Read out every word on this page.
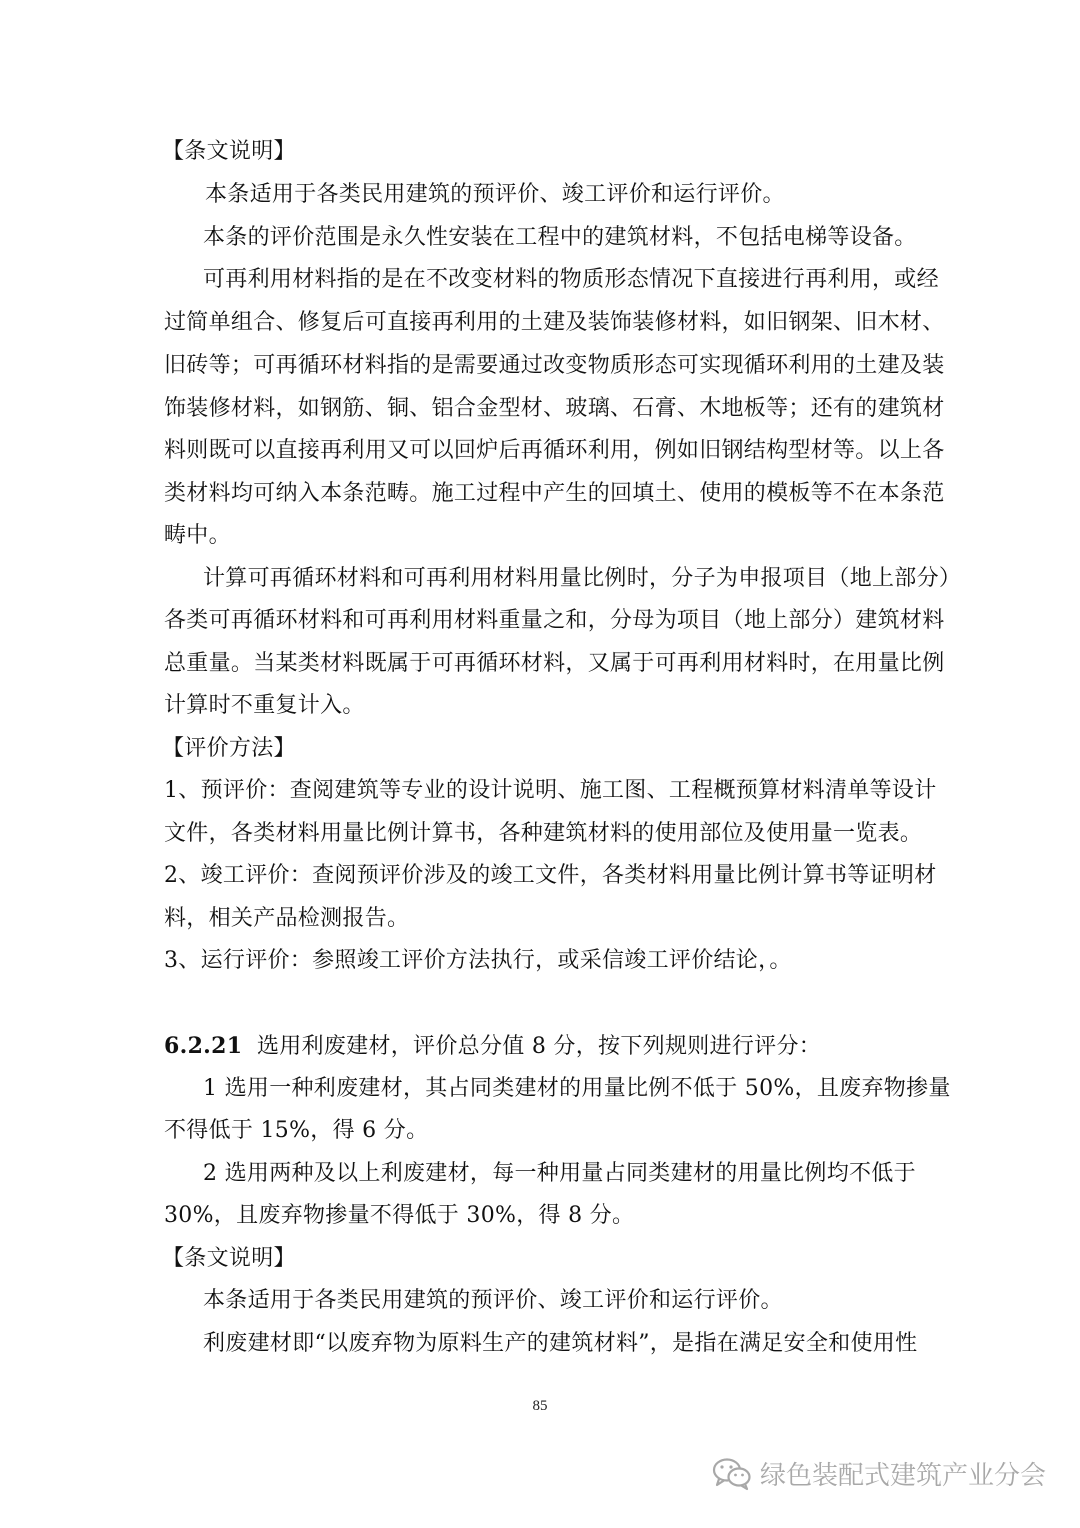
【条文说明】
本条适用于各类民用建筑的预评价、竣工评价和运行评价。
本条的评价范围是永久性安装在工程中的建筑材料，不包括电梯等设备。
可再利用材料指的是在不改变材料的物质形态情况下直接进行再利用，或经
过简单组合、修复后可直接再利用的土建及装饰装修材料，如旧钢架、旧木材、
旧砖等；可再循环材料指的是需要通过改变物质形态可实现循环利用的土建及装
饰装修材料，如钢筋、铜、铝合金型材、玻璃、石膏、木地板等；还有的建筑材
料则既可以直接再利用又可以回炉后再循环利用，例如旧钢结构型材等。以上各
类材料均可纳入本条范畴。施工过程中产生的回填土、使用的模板等不在本条范
畴中。
计算可再循环材料和可再利用材料用量比例时，分子为申报项目（地上部分）
各类可再循环材料和可再利用材料重量之和，分母为项目（地上部分）建筑材料
总重量。当某类材料既属于可再循环材料，又属于可再利用材料时，在用量比例
计算时不重复计入。
【评价方法】
1、预评价：查阅建筑等专业的设计说明、施工图、工程概预算材料清单等设计
文件，各类材料用量比例计算书，各种建筑材料的使用部位及使用量一览表。
2、竣工评价：查阅预评价涉及的竣工文件，各类材料用量比例计算书等证明材
料，相关产品检测报告。
3、运行评价：参照竣工评价方法执行，或采信竣工评价结论，。
6.2.21 选用利废建材，评价总分值 8 分，按下列规则进行评分：
1 选用一种利废建材，其占同类建材的用量比例不低于 50%，且废弃物掺量
不得低于 15%，得 6 分。
2 选用两种及以上利废建材，每一种用量占同类建材的用量比例均不低于
30%，且废弃物掺量不得低于 30%，得 8 分。
【条文说明】
本条适用于各类民用建筑的预评价、竣工评价和运行评价。
利废建材即“以废弃物为原料生产的建筑材料”，是指在满足安全和使用性
85
绿色装配式建筑产业分会
